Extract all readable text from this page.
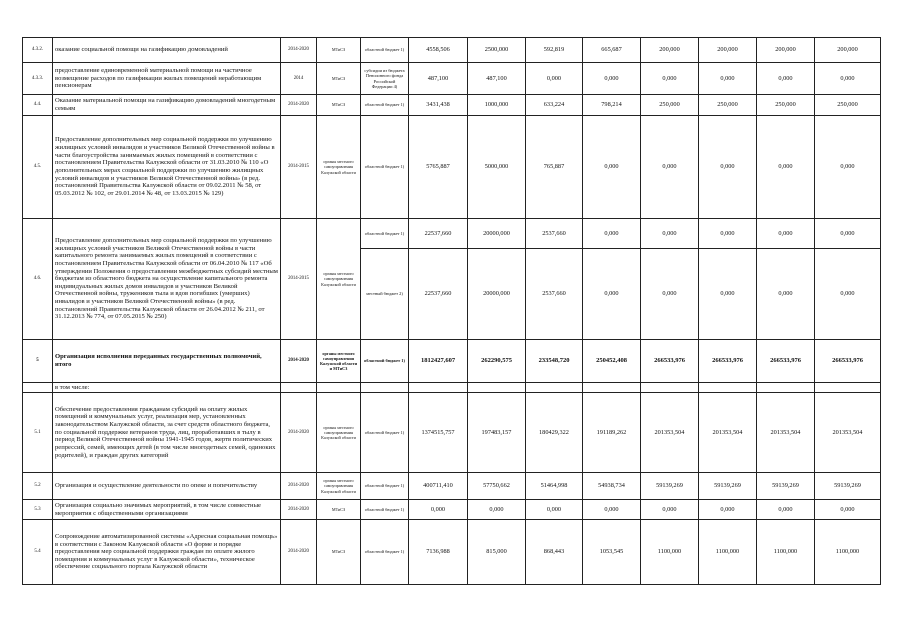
4.3.2.	оказание социальной помощи на газификацию домовладений	2014-2020	МТиСЗ	областной бюджет 1)	4558,506	2500,000	592,819	665,687	200,000	200,000	200,000	200,000
4.3.3.	предоставление единовременной материальной помощи на частичное возмещение расходов по газификации жилых помещений неработающим пенсионерам	2014	МТиСЗ	субсидии из бюджета Пенсионного фонда Российской Федерации 4)	487,100	487,100	0,000	0,000	0,000	0,000	0,000	0,000
4.4.	Оказание материальной помощи на газификацию домовладений многодетным семьям	2014-2020	МТиСЗ	областной бюджет 1)	3431,438	1000,000	633,224	798,214	250,000	250,000	250,000	250,000
4.5.	Предоставление дополнительных мер социальной поддержки по улучшению жилищных условий инвалидов и участников Великой Отечественной войны в части благоустройства занимаемых жилых помещений в соответствии с постановлением Правительства Калужской области от 31.03.2010 № 110 «О дополнительных мерах социальной поддержки по улучшению жилищных условий инвалидов и участников Великой Отечественной войны» (в ред. постановлений Правительства Калужской области от 09.02.2011 № 58, от 05.03.2012 № 102, от 29.01.2014 № 48, от 13.03.2015 № 129)	2014-2015	органы местного самоуправления Калужской области	областной бюджет 1)	5765,887	5000,000	765,887	0,000	0,000	0,000	0,000	0,000
4.6.	Предоставление дополнительных мер социальной поддержки по улучшению жилищных условий участников Великой Отечественной войны в части капитального ремонта занимаемых жилых помещений в соответствии с постановлением Правительства Калужской области от 06.04.2010 № 117 «Об утверждении Положения о предоставлении межбюджетных субсидий местным бюджетам из областного бюджета на осуществление капитального ремонта индивидуальных жилых домов инвалидов и участников Великой Отечественной войны, тружеников тыла и вдов погибших (умерших) инвалидов и участников Великой Отечественной войны» (в ред. постановлений Правительства Калужской области от 26.04.2012 № 211, от 31.12.2013 № 774, от 07.05.2015 № 250)	2014-2015	органы местного самоуправления Калужской области	областной бюджет 1)	22537,660	20000,000	2537,660	0,000	0,000	0,000	0,000	0,000
				местный бюджет 2)	22537,660	20000,000	2537,660	0,000	0,000	0,000	0,000	0,000
5	Организация исполнения переданных государственных полномочий, итого	2014-2020	органы местного самоуправления Калужской области и МТиСЗ	областной бюджет 1)	1812427,607	262290,575	233548,720	250452,408	266533,976	266533,976	266533,976	266533,976
	в том числе:											
5.1	Обеспечение предоставления гражданам субсидий на оплату жилых помещений и коммунальных услуг, реализация мер, установленных законодательством Калужской области, за счет средств областного бюджета, по социальной поддержке ветеранов труда, лиц, проработавших в тылу в период Великой Отечественной войны 1941-1945 годов, жертв политических репрессий, семей, имеющих детей (в том числе многодетных семей, одиноких родителей), и граждан других категорий	2014-2020	органы местного самоуправления Калужской области	областной бюджет 1)	1374515,757	197483,157	180429,322	191189,262	201353,504	201353,504	201353,504	201353,504
5.2	Организация и осуществление деятельности по опеке и попечительству	2014-2020	органы местного самоуправления Калужской области	областной бюджет 1)	400711,410	57750,662	51464,998	54938,734	59139,269	59139,269	59139,269	59139,269
5.3	Организация социально значимых мероприятий, в том числе совместные мероприятия с общественными организациями	2014-2020	МТиСЗ	областной бюджет 1)	0,000	0,000	0,000	0,000	0,000	0,000	0,000	0,000
5.4	Сопровождение автоматизированной системы «Адресная социальная помощь» в соответствии с Законом Калужской области «О форме и порядке предоставления мер социальной поддержки граждан по оплате жилого помещения и коммунальных услуг в Калужской области», техническое обеспечение социального портала Калужской области	2014-2020	МТиСЗ	областной бюджет 1)	7136,988	815,000	868,443	1053,545	1100,000	1100,000	1100,000	1100,000
